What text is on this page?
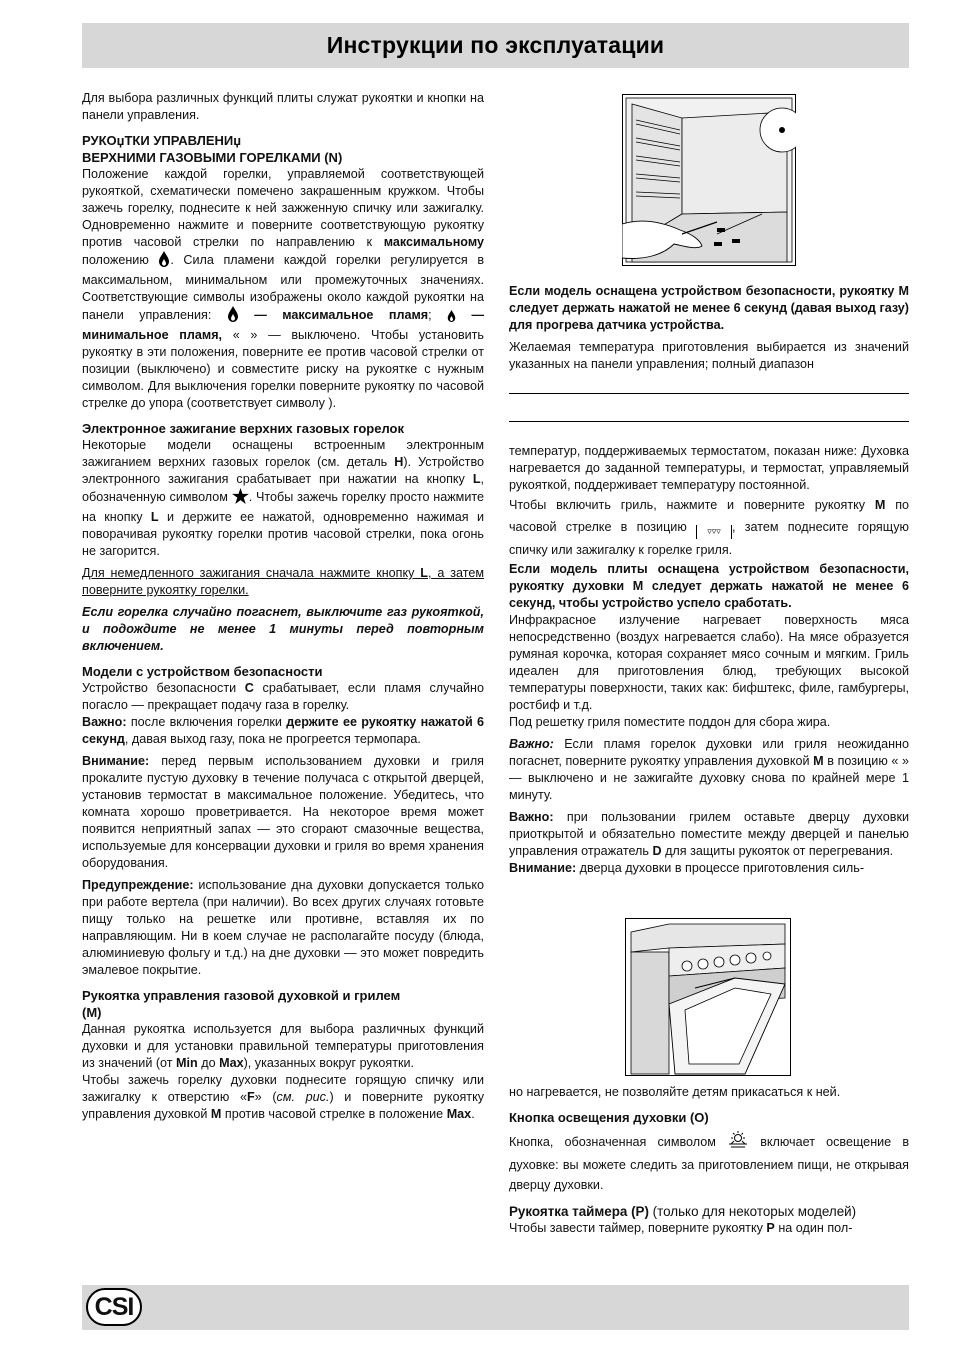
Инструкции по эксплуатации

Для выбора различных функций плиты служат рукоятки и кнопки на панели управления.

РУКОџТКИ УПРАВЛЕНИџ
ВЕРХНИМИ ГАЗОВЫМИ ГОРЕЛКАМИ (N)

Положение каждой горелки, управляемой соответствующей рукояткой, схематически помечено закрашенным кружком. Чтобы зажечь горелку, поднесите к ней зажженную спичку или зажигалку. Одновременно нажмите и поверните соответствующую рукоятку против часовой стрелки по направлению к максимальному положению . Сила пламени каждой горелки регулируется в максимальном, минимальном или промежуточных значениях. Соответствующие символы изображены около каждой рукоятки на панели управления:	— максимальное пламя;  — минимальное пламя, « » — выключено. Чтобы установить рукоятку в эти положения, поверните ее против часовой стрелки от позиции (выключено) и совместите риску на рукоятке с нужным символом. Для выключения горелки поверните рукоятку по часовой стрелке до упора (соответствует символу ).

Электронное зажигание верхних газовых горелок

Некоторые модели оснащены встроенным электронным зажиганием верхних газовых горелок (см. деталь H). Устройство электронного зажигания срабатывает при нажатии на кнопку L, обозначенную символом . Чтобы зажечь горелку просто нажмите на кнопку L и держите ее нажатой, одновременно нажимая и поворачивая рукоятку горелки против часовой стрелки, пока огонь не загорится.

Для немедленного зажигания сначала нажмите кнопку L, а затем поверните рукоятку горелки.

Если горелка случайно погаснет, выключите газ рукояткой, и подождите не менее 1 минуты перед повторным включением.

Модели с устройством безопасности

Устройство безопасности C срабатывает, если пламя случайно погасло — прекращает подачу газа в горелку.

Важно: после включения горелки держите ее рукоятку нажатой 6 секунд, давая выход газу, пока не прогреется термопара.

Внимание: перед первым использованием духовки и гриля прокалите пустую духовку в течение получаса с открытой дверцей, установив термостат в максимальное положение. Убедитесь, что комната хорошо проветривается. На некоторое время может появится неприятный запах — это сгорают смазочные вещества, используемые для консервации духовки и гриля во время хранения оборудования.

Предупреждение: использование дна духовки допускается только при работе вертела (при наличии). Во всех других случаях готовьте пищу только на решетке или противне, вставляя их по направляющим. Ни в коем случае не располагайте посуду (блюда, алюминиевую фольгу и т.д.) на дне духовки — это может повредить эмалевое покрытие.

Рукоятка управления газовой духовкой и грилем
(M)

Данная рукоятка используется для выбора различных функций духовки и для установки правильной температуры приготовления из значений (от Min до Max), указанных вокруг рукоятки.

Чтобы зажечь горелку духовки поднесите горящую спичку или зажигалку к отверстию «F» (см. рис.) и поверните рукоятку управления духовкой M против часовой стрелке в положение Max.

Если модель оснащена устройством безопасности, рукоятку M следует держать нажатой не менее 6 секунд (давая выход газу) для прогрева датчика устройства.

Желаемая температура приготовления выбирается из значений указанных на панели управления; полный диапазон

температур, поддерживаемых термостатом, показан ниже: Духовка нагревается до заданной температуры, и термостат, управляемый рукояткой, поддерживает температуру постоянной.

Чтобы включить гриль, нажмите и поверните рукоятку M по часовой стрелке в позицию ▿▿▿ , затем поднесите горящую спичку или зажигалку к горелке гриля.

Если модель плиты оснащена устройством безопасности, рукоятку духовки M следует держать нажатой не менее 6 секунд, чтобы устройство успело сработать.

Инфракрасное излучение нагревает поверхность мяса непосредственно (воздух нагревается слабо). На мясе образуется румяная корочка, которая сохраняет мясо сочным и мягким. Гриль идеален для приготовления блюд, требующих высокой температуры поверхности, таких как: бифштекс, филе, гамбургеры, ростбиф и т.д.

Под решетку гриля поместите поддон для сбора жира.

Важно: Если пламя горелок духовки или гриля неожиданно погаснет, поверните рукоятку управления духовкой M в позицию « » — выключено и не зажигайте духовку снова по крайней мере 1 минуту.

Важно: при пользовании грилем оставьте дверцу духовки приоткрытой и обязательно поместите между дверцей и панелью управления отражатель D для защиты рукояток от перегревания.

Внимание: дверца духовки в процессе приготовления силь-

но нагревается, не позволяйте детям прикасаться к ней.

Кнопка освещения духовки (O)

Кнопка, обозначенная символом	включает освещение в духовке: вы можете следить за приготовлением пищи, не открывая дверцу духовки.

Рукоятка таймера (P) (только для некоторых моделей)

Чтобы завести таймер, поверните рукоятку P на один пол-

CSI
